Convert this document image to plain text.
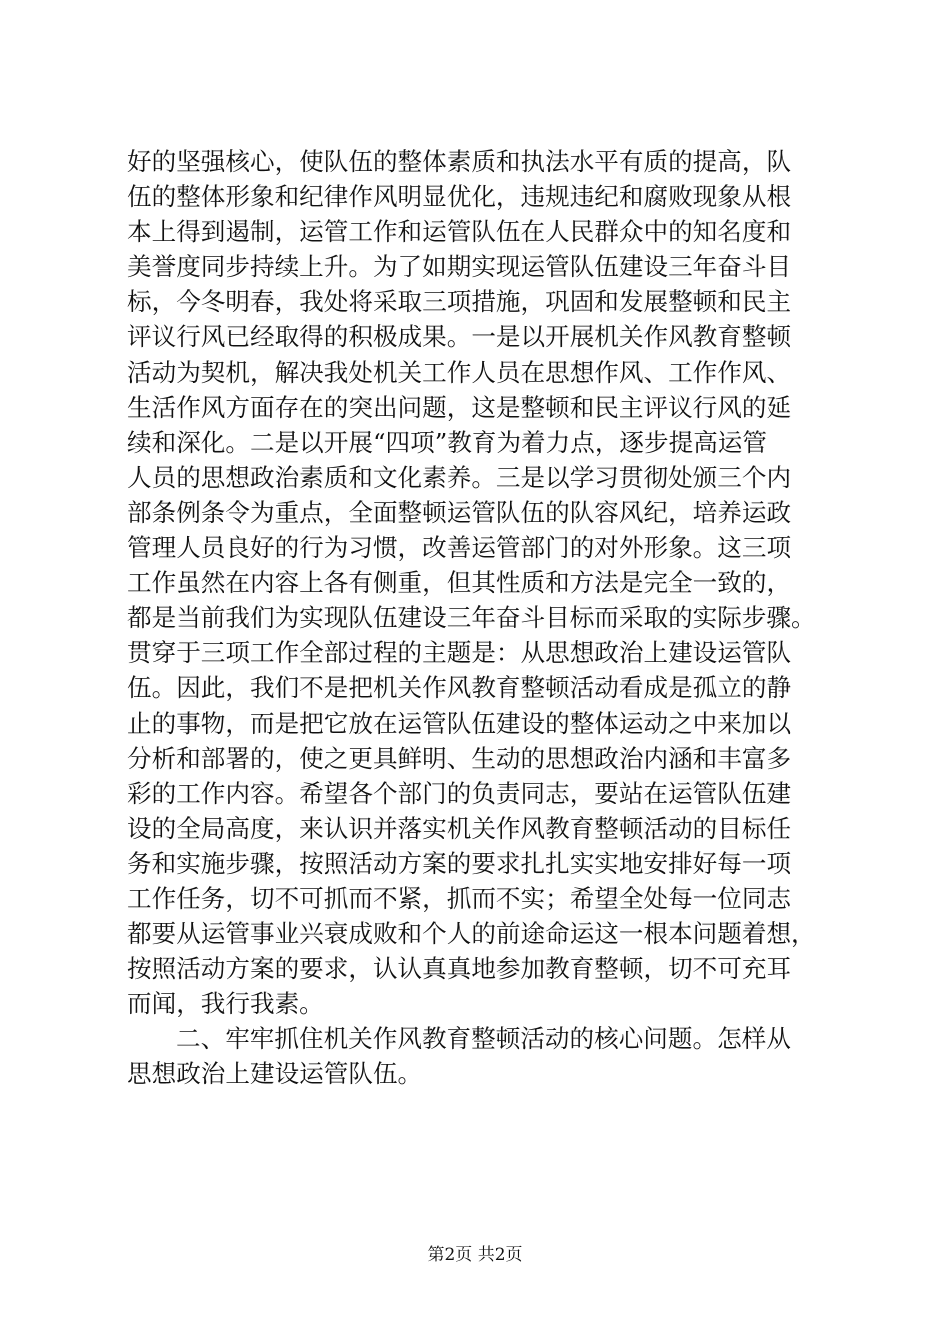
好的坚强核心，使队伍的整体素质和执法水平有质的提高，队
伍的整体形象和纪律作风明显优化，违规违纪和腐败现象从根
本上得到遏制，运管工作和运管队伍在人民群众中的知名度和
美誉度同步持续上升。为了如期实现运管队伍建设三年奋斗目
标，今冬明春，我处将采取三项措施，巩固和发展整顿和民主
评议行风已经取得的积极成果。一是以开展机关作风教育整顿
活动为契机，解决我处机关工作人员在思想作风、工作作风、
生活作风方面存在的突出问题，这是整顿和民主评议行风的延
续和深化。二是以开展“四项”教育为着力点，逐步提高运管
人员的思想政治素质和文化素养。三是以学习贯彻处颁三个内
部条例条令为重点，全面整顿运管队伍的队容风纪，培养运政
管理人员良好的行为习惯，改善运管部门的对外形象。这三项
工作虽然在内容上各有侧重，但其性质和方法是完全一致的，
都是当前我们为实现队伍建设三年奋斗目标而采取的实际步骤。
贯穿于三项工作全部过程的主题是：从思想政治上建设运管队
伍。因此，我们不是把机关作风教育整顿活动看成是孤立的静
止的事物，而是把它放在运管队伍建设的整体运动之中来加以
分析和部署的，使之更具鲜明、生动的思想政治内涵和丰富多
彩的工作内容。希望各个部门的负责同志，要站在运管队伍建
设的全局高度，来认识并落实机关作风教育整顿活动的目标任
务和实施步骤，按照活动方案的要求扎扎实实地安排好每一项
工作任务，切不可抓而不紧，抓而不实；希望全处每一位同志
都要从运管事业兴衰成败和个人的前途命运这一根本问题着想，
按照活动方案的要求，认认真真地参加教育整顿，切不可充耳
而闻，我行我素。
二、牢牢抓住机关作风教育整顿活动的核心问题。怎样从
思想政治上建设运管队伍。
第2页 共2页
